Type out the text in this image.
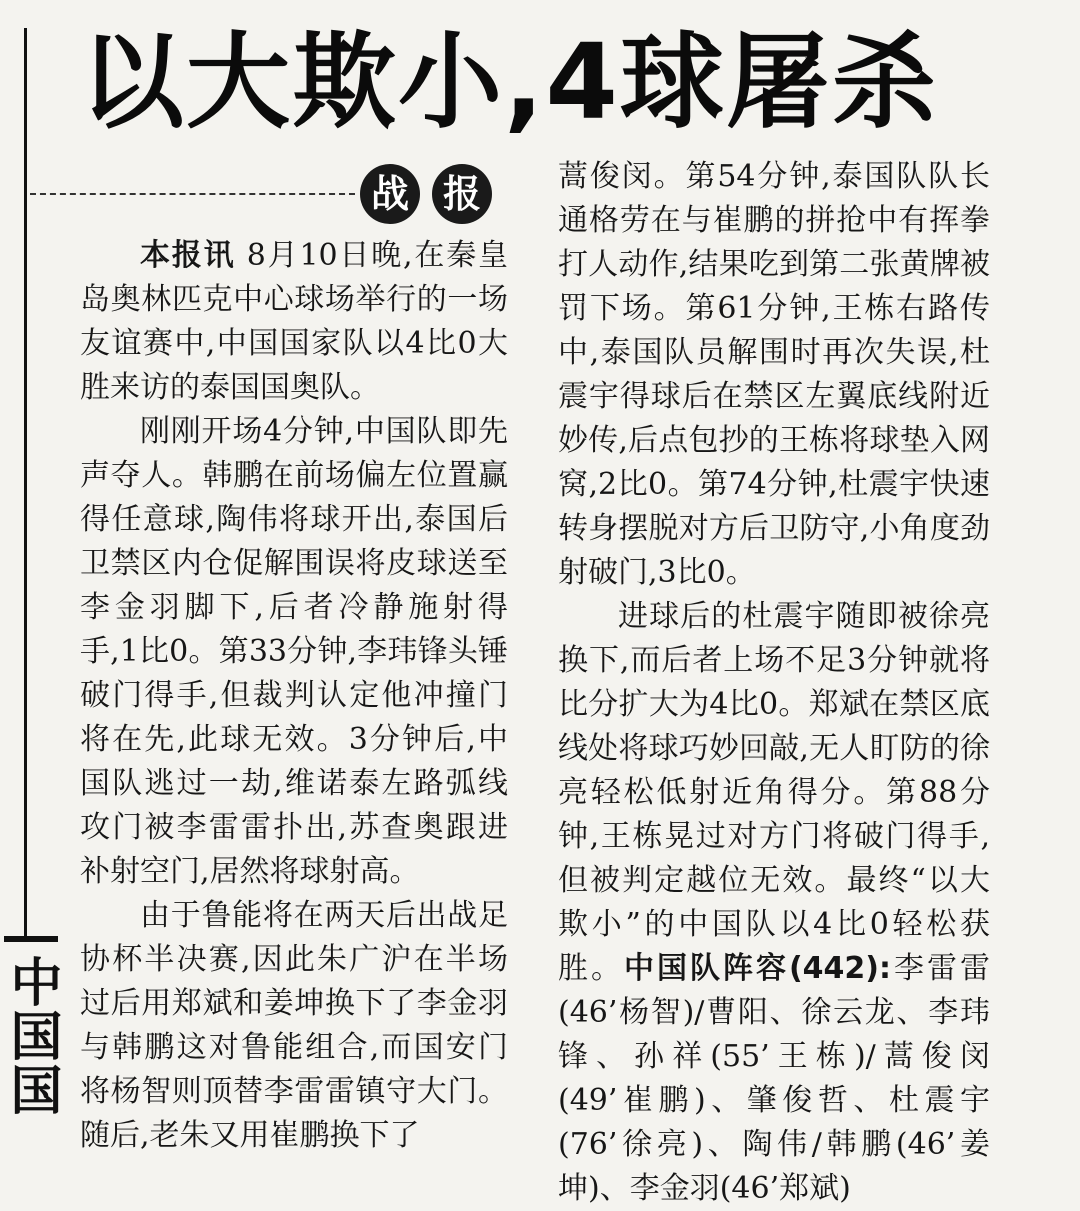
中国国
以大欺小,4球屠杀
战 报

本报讯 8月10日晚,在秦皇岛奥林匹克中心球场举行的一场友谊赛中,中国国家队以4比0大胜来访的泰国国奥队。

刚刚开场4分钟,中国队即先声夺人。韩鹏在前场偏左位置赢得任意球,陶伟将球开出,泰国后卫禁区内仓促解围误将皮球送至李金羽脚下,后者冷静施射得手,1比0。第33分钟,李玮锋头锤破门得手,但裁判认定他冲撞门将在先,此球无效。3分钟后,中国队逃过一劫,维诺泰左路弧线攻门被李雷雷扑出,苏查奥跟进补射空门,居然将球射高。

由于鲁能将在两天后出战足协杯半决赛,因此朱广沪在半场过后用郑斌和姜坤换下了李金羽与韩鹏这对鲁能组合,而国安门将杨智则顶替李雷雷镇守大门。随后,老朱又用崔鹏换下了

蒿俊闵。第54分钟,泰国队队长通格劳在与崔鹏的拼抢中有挥拳打人动作,结果吃到第二张黄牌被罚下场。第61分钟,王栋右路传中,泰国队员解围时再次失误,杜震宇得球后在禁区左翼底线附近妙传,后点包抄的王栋将球垫入网窝,2比0。第74分钟,杜震宇快速转身摆脱对方后卫防守,小角度劲射破门,3比0。

进球后的杜震宇随即被徐亮换下,而后者上场不足3分钟就将比分扩大为4比0。郑斌在禁区底线处将球巧妙回敲,无人盯防的徐亮轻松低射近角得分。第88分钟,王栋晃过对方门将破门得手,但被判定越位无效。最终“以大欺小”的中国队以4比0轻松获胜。中国队阵容(442):李雷雷(46’杨智)/曹阳、徐云龙、李玮锋、孙祥(55’王栋)/蒿俊闵(49’崔鹏)、肇俊哲、杜震宇(76’徐亮)、陶伟/韩鹏(46’姜坤)、李金羽(46’郑斌)
